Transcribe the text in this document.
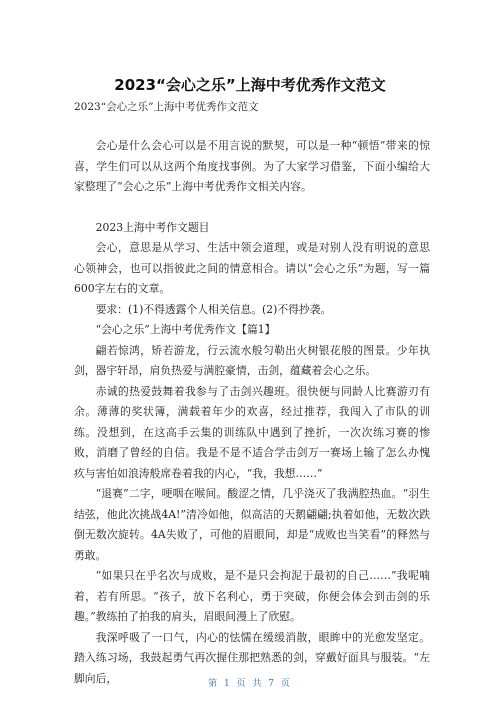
2023“会心之乐”上海中考优秀作文范文
2023“会心之乐”上海中考优秀作文范文

会心是什么会心可以是不用言说的默契，可以是一种“顿悟”带来的惊喜，学生们可以从这两个角度找事例。为了大家学习借鉴，下面小编给大家整理了“会心之乐”上海中考优秀作文相关内容。

2023上海中考作文题目

会心，意思是从学习、生活中领会道理，或是对别人没有明说的意思心领神会，也可以指彼此之间的情意相合。请以“会心之乐”为题，写一篇600字左右的文章。

要求：(1)不得透露个人相关信息。(2)不得抄袭。

“会心之乐”上海中考优秀作文【篇1】

翩若惊鸿，矫若游龙，行云流水般匀勒出火树银花般的图景。少年执剑，器宇轩昂，肩负热爱与满腔豪情，击剑，蕴藏着会心之乐。

赤诚的热爱鼓舞着我参与了击剑兴趣班。很快便与同龄人比赛游刃有余。薄薄的奖状簿，满载着年少的欢喜，经过推荐，我闯入了市队的训练。没想到，在这高手云集的训练队中遇到了挫折，一次次练习赛的惨败，消磨了曾经的自信。我是不是不适合学击剑万一赛场上输了怎么办愧疚与害怕如浪涛般席卷着我的内心，“我，我想……”

“退赛”二字，哽咽在喉间。酸涩之情，几乎浇灭了我满腔热血。“羽生结弦，他此次挑战4A!”清冷如他，似高洁的天鹅翩翩;执着如他，无数次跌倒无数次旋转。4A失败了，可他的眉眼间，却是“成败也当笑看”的释然与勇敢。

“如果只在乎名次与成败，是不是只会拘泥于最初的自己……”我呢喃着，若有所思。“孩子，放下名利心，勇于突破，你便会体会到击剑的乐趣。”教练拍了拍我的肩头，眉眼间漫上了欣慰。

我深呼吸了一口气，内心的怯懦在缓缓消散，眼眸中的光愈发坚定。踏入练习场，我鼓起勇气再次握住那把熟悉的剑，穿戴好面具与服装。“左脚向后，	第 1 页 共 7 页
